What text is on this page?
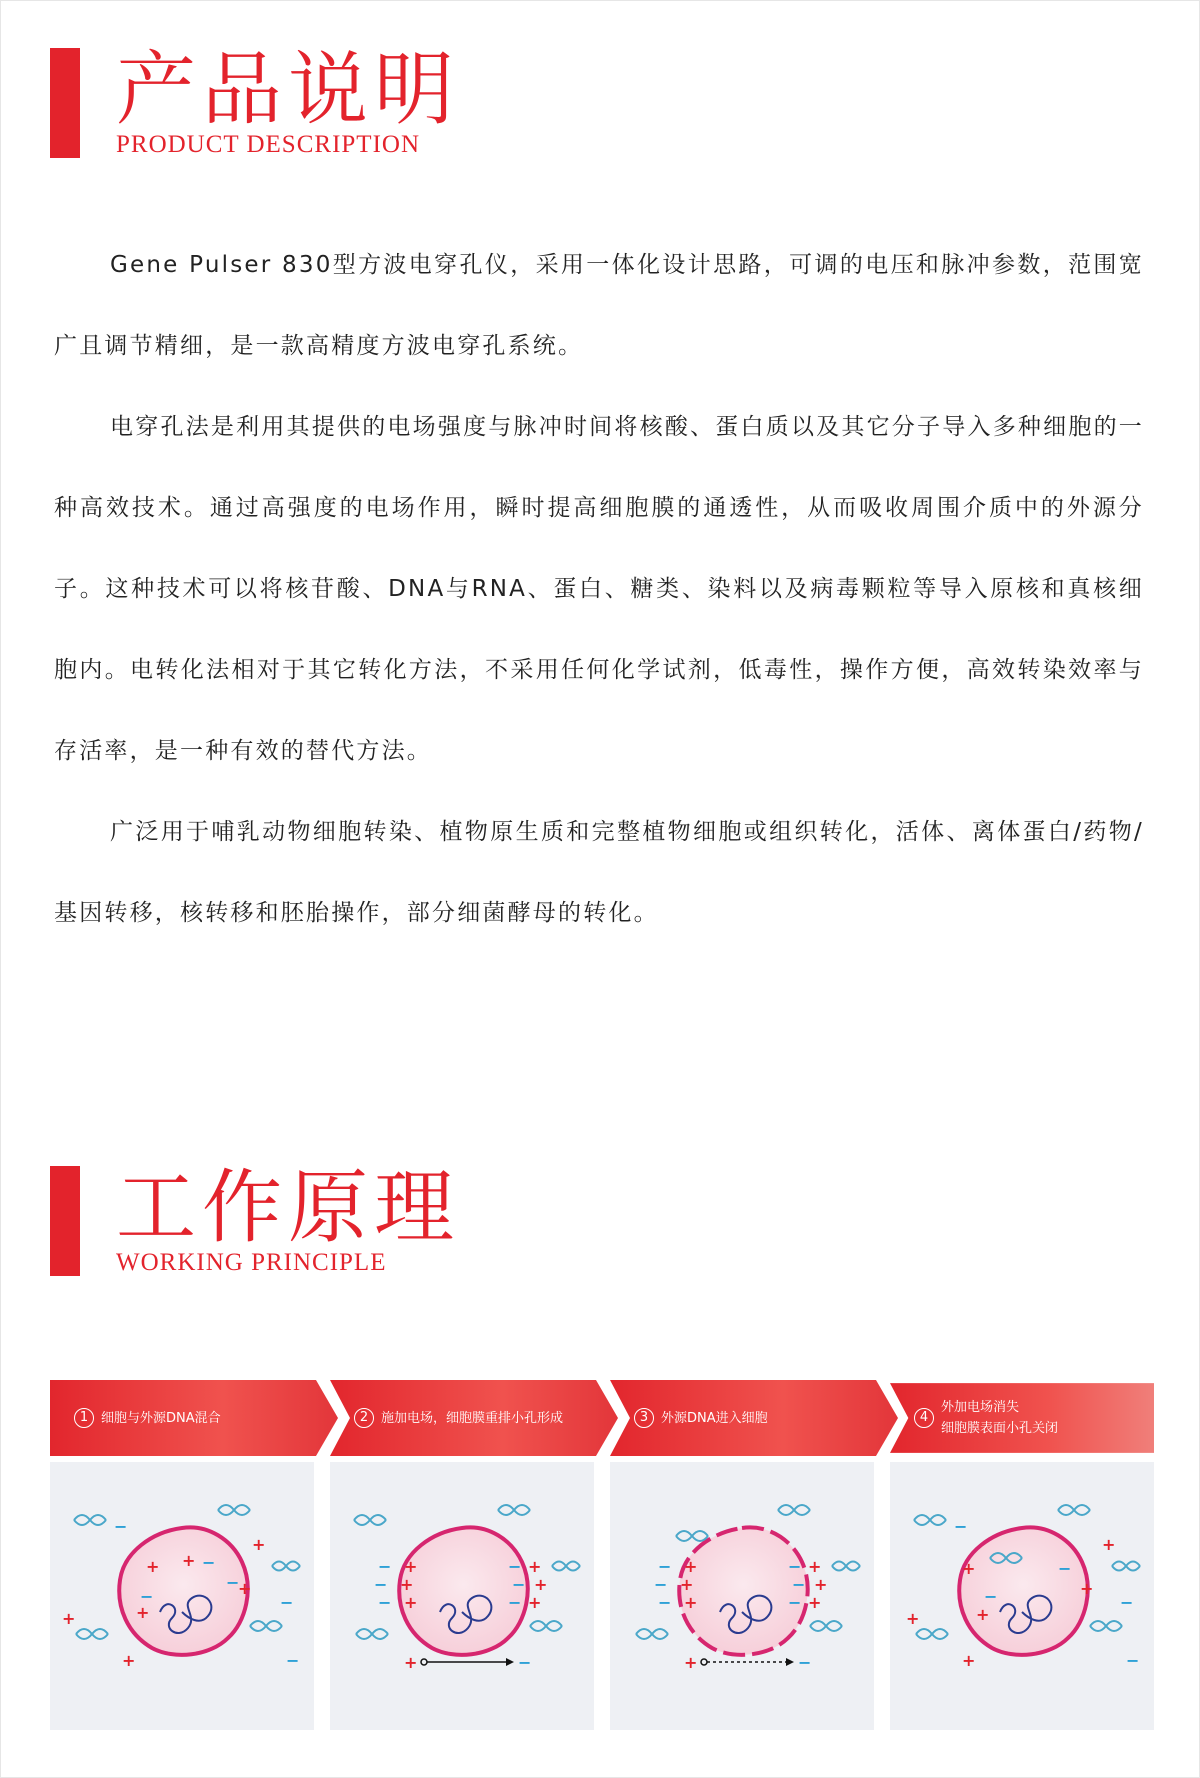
产品说明
PRODUCT DESCRIPTION

Gene Pulser 830型方波电穿孔仪，采用一体化设计思路，可调的电压和脉冲参数，范围宽广且调节精细，是一款高精度方波电穿孔系统。

电穿孔法是利用其提供的电场强度与脉冲时间将核酸、蛋白质以及其它分子导入多种细胞的一种高效技术。通过高强度的电场作用，瞬时提高细胞膜的通透性，从而吸收周围介质中的外源分子。这种技术可以将核苷酸、DNA与RNA、蛋白、糖类、染料以及病毒颗粒等导入原核和真核细胞内。电转化法相对于其它转化方法，不采用任何化学试剂，低毒性，操作方便，高效转染效率与存活率，是一种有效的替代方法。

广泛用于哺乳动物细胞转染、植物原生质和完整植物细胞或组织转化，活体、离体蛋白/药物/基因转移，核转移和胚胎操作，部分细菌酵母的转化。

工作原理
WORKING PRINCIPLE
1 细胞与外源DNA混合
−
+
+ + −
+
−
+
−
−
+
+	−
2 施加电场，细胞膜重排小孔形成
−
−
−
+
+
+
−
−
−
+
+
+
+	−
3 外源DNA进入细胞
−
−
−
+
+
+
−
−
−
+
+
+
+	−
4
外加电场消失
细胞膜表面小孔关闭
−
+
+	−
+
−
+
−
+
+	−
